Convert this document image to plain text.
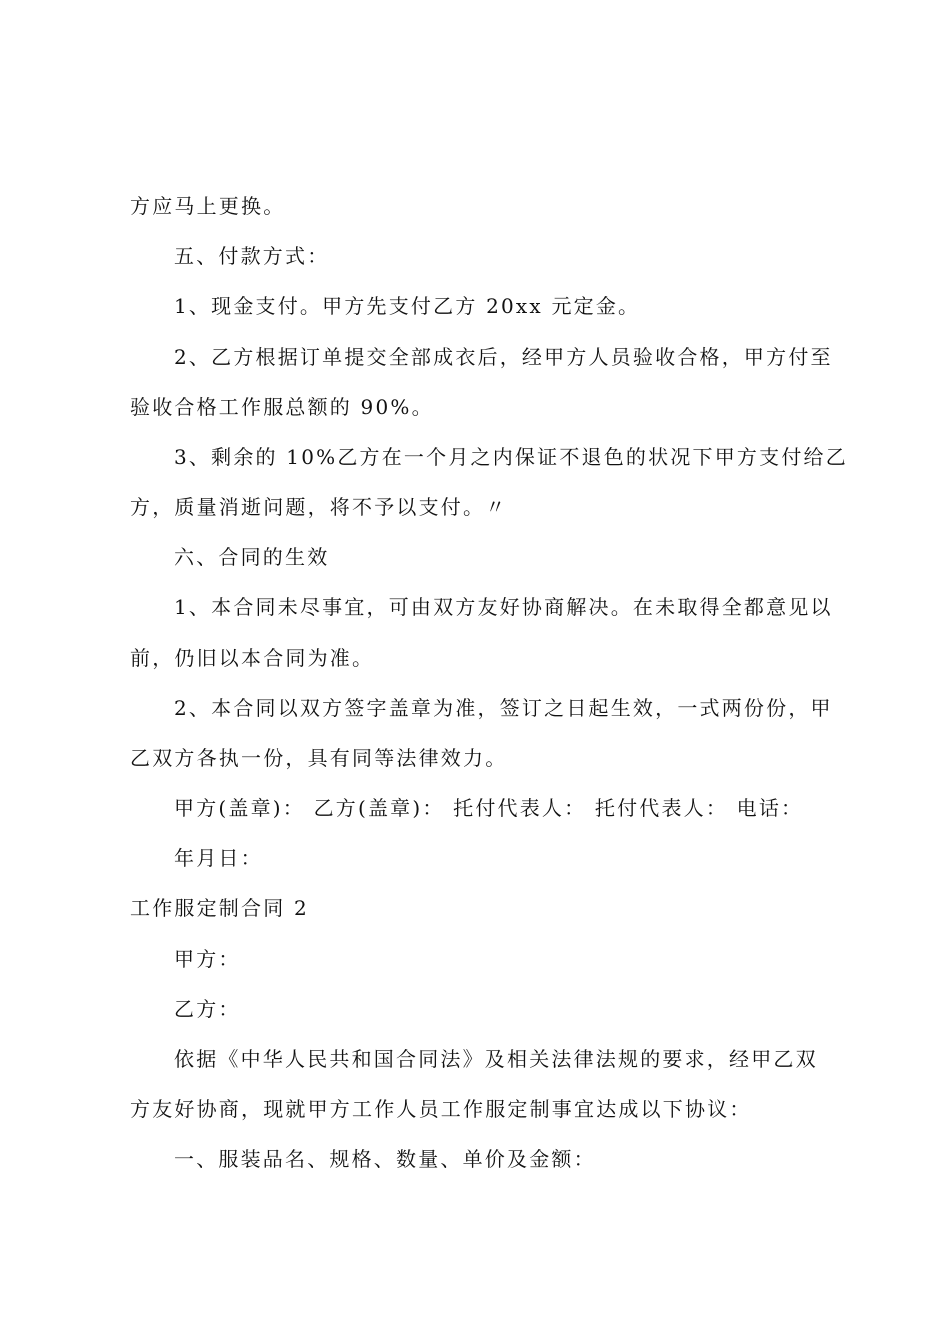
方应马上更换。
五、付款方式：
1、现金支付。甲方先支付乙方 20xx 元定金。
2、乙方根据订单提交全部成衣后，经甲方人员验收合格，甲方付至
验收合格工作服总额的 90%。
3、剩余的 10%乙方在一个月之内保证不退色的状况下甲方支付给乙
方，质量消逝问题，将不予以支付。〃
六、合同的生效
1、本合同未尽事宜，可由双方友好协商解决。在未取得全都意见以
前，仍旧以本合同为准。
2、本合同以双方签字盖章为准，签订之日起生效，一式两份份，甲
乙双方各执一份，具有同等法律效力。
甲方(盖章)： 乙方(盖章)： 托付代表人： 托付代表人： 电话：
年月日：
工作服定制合同 2
甲方：
乙方：
依据《中华人民共和国合同法》及相关法律法规的要求，经甲乙双
方友好协商，现就甲方工作人员工作服定制事宜达成以下协议：
一、服装品名、规格、数量、单价及金额：
